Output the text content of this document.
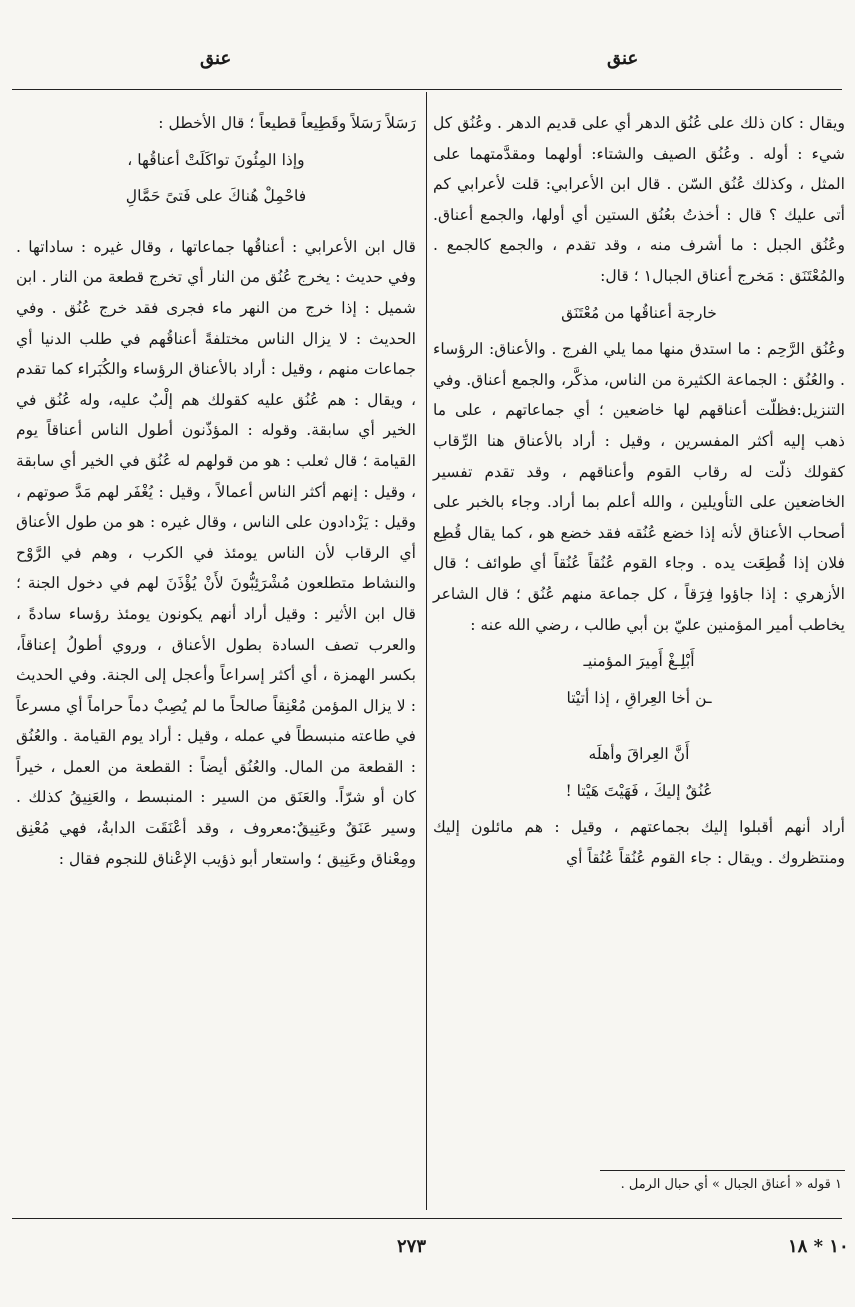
عنق	عنق

ويقال : كان ذلك على عُنُق الدهر أي على قديم الدهر . وعُنُق كل شيء : أوله . وعُنُق الصيف والشتاء: أولهما ومقدَّمتهما على المثل ، وكذلك عُنُق السّن . قال ابن الأعرابي: قلت لأعرابي كم أتى عليك ؟ قال : أخذتُ بعُنُق الستين أي أولها، والجمع أعناق. وعُنُق الجبل : ما أشرف منه ، وقد تقدم ، والجمع كالجمع . والمُعْتَنَق : مَخرج أعناق الجبال١ ؛ قال:

خارجة أعناقُها من مُعْتَنَق

وعُنُق الرَّحِم : ما استدق منها مما يلي الفرج . والأعناق: الرؤساء . والعُنُق : الجماعة الكثيرة من الناس، مذكَّر، والجمع أعناق. وفي التنزيل:فظلّت أعناقهم لها خاضعين ؛ أي جماعاتهم ، على ما ذهب إليه أكثر المفسرين ، وقيل : أراد بالأعناق هنا الرِّقاب كقولك ذلّت له رقاب القوم وأعناقهم ، وقد تقدم تفسير الخاضعين على التأويلين ، والله أعلم بما أراد. وجاء بالخبر على أصحاب الأعناق لأنه إذا خضع عُنُقه فقد خضع هو ، كما يقال قُطِع فلان إذا قُطِعَت يده . وجاء القوم عُنُقاً عُنُقاً أي طوائف ؛ قال الأزهري : إذا جاؤوا فِرَقاً ، كل جماعة منهم عُنُق ؛ قال الشاعر يخاطب أمير المؤمنين عليّ بن أبي طالب ، رضي الله عنه :

أَبْلِـغْ أَمِيرَ المؤمنيـ

ـن أخا العِراقِ ، إذا أتيْتا

أَنَّ العِراقَ وأهلَه

عُنُقٌ إليكَ ، فَهَيْتَ هَيْتا !

أراد أنهم أقبلوا إليك بجماعتهم ، وقيل : هم مائلون إليك ومنتظروك . ويقال : جاء القوم عُنُقاً عُنُقاً أي

رَسَلاً رَسَلاً وقَطِيعاً قطيعاً ؛ قال الأخطل :

وإذا المِئُونَ تواكَلَتْ أعناقُها ،

فاحْمِلْ هُناكَ على فَتىً حَمَّالِ

قال ابن الأعرابي : أعناقُها جماعاتها ، وقال غيره : ساداتها . وفي حديث : يخرج عُنُق من النار أي تخرج قطعة من النار . ابن شميل : إذا خرج من النهر ماء فجرى فقد خرج عُنُق . وفي الحديث : لا يزال الناس مختلفةً أعناقُهم في طلب الدنيا أي جماعات منهم ، وقيل : أراد بالأعناق الرؤساء والكُبَراء كما تقدم ، ويقال : هم عُنُق عليه كقولك هم إلْبٌ عليه، وله عُنُق في الخير أي سابقة. وقوله : المؤذّنون أطول الناس أعناقاً يوم القيامة ؛ قال ثعلب : هو من قولهم له عُنُق في الخير أي سابقة ، وقيل : إنهم أكثر الناس أعمالاً ، وقيل : يُغْفَر لهم مَدَّ صوتهم ، وقيل : يَزْدادون على الناس ، وقال غيره : هو من طول الأعناق أي الرقاب لأن الناس يومئذ في الكرب ، وهم في الرَّوْح والنشاط متطلعون مُشْرَئِبُّونَ لأَنْ يُؤْذَنَ لهم في دخول الجنة ؛ قال ابن الأثير : وقيل أراد أنهم يكونون يومئذ رؤساء سادةً ، والعرب تصف السادة بطول الأعناق ، وروي أطولُ إعناقاً، بكسر الهمزة ، أي أكثر إسراعاً وأعجل إلى الجنة. وفي الحديث : لا يزال المؤمن مُعْنِقاً صالحاً ما لم يُصِبْ دماً حراماً أي مسرعاً في طاعته منبسطاً في عمله ، وقيل : أراد يوم القيامة . والعُنُق : القطعة من المال. والعُنُق أيضاً : القطعة من العمل ، خيراً كان أو شرّاً. والعَنَق من السير : المنبسط ، والعَنِيقُ كذلك . وسير عَنَقٌ وعَنِيقٌ:معروف ، وقد أعْنَقَت الدابةُ، فهي مُعْنِق ومِعْناق وعَنِيق ؛ واستعار أبو ذؤيب الإعْناق للنجوم فقال :

١ قوله « أعناق الجبال » أي حبال الرمل .
٢٧٣	١٠ * ١٨
